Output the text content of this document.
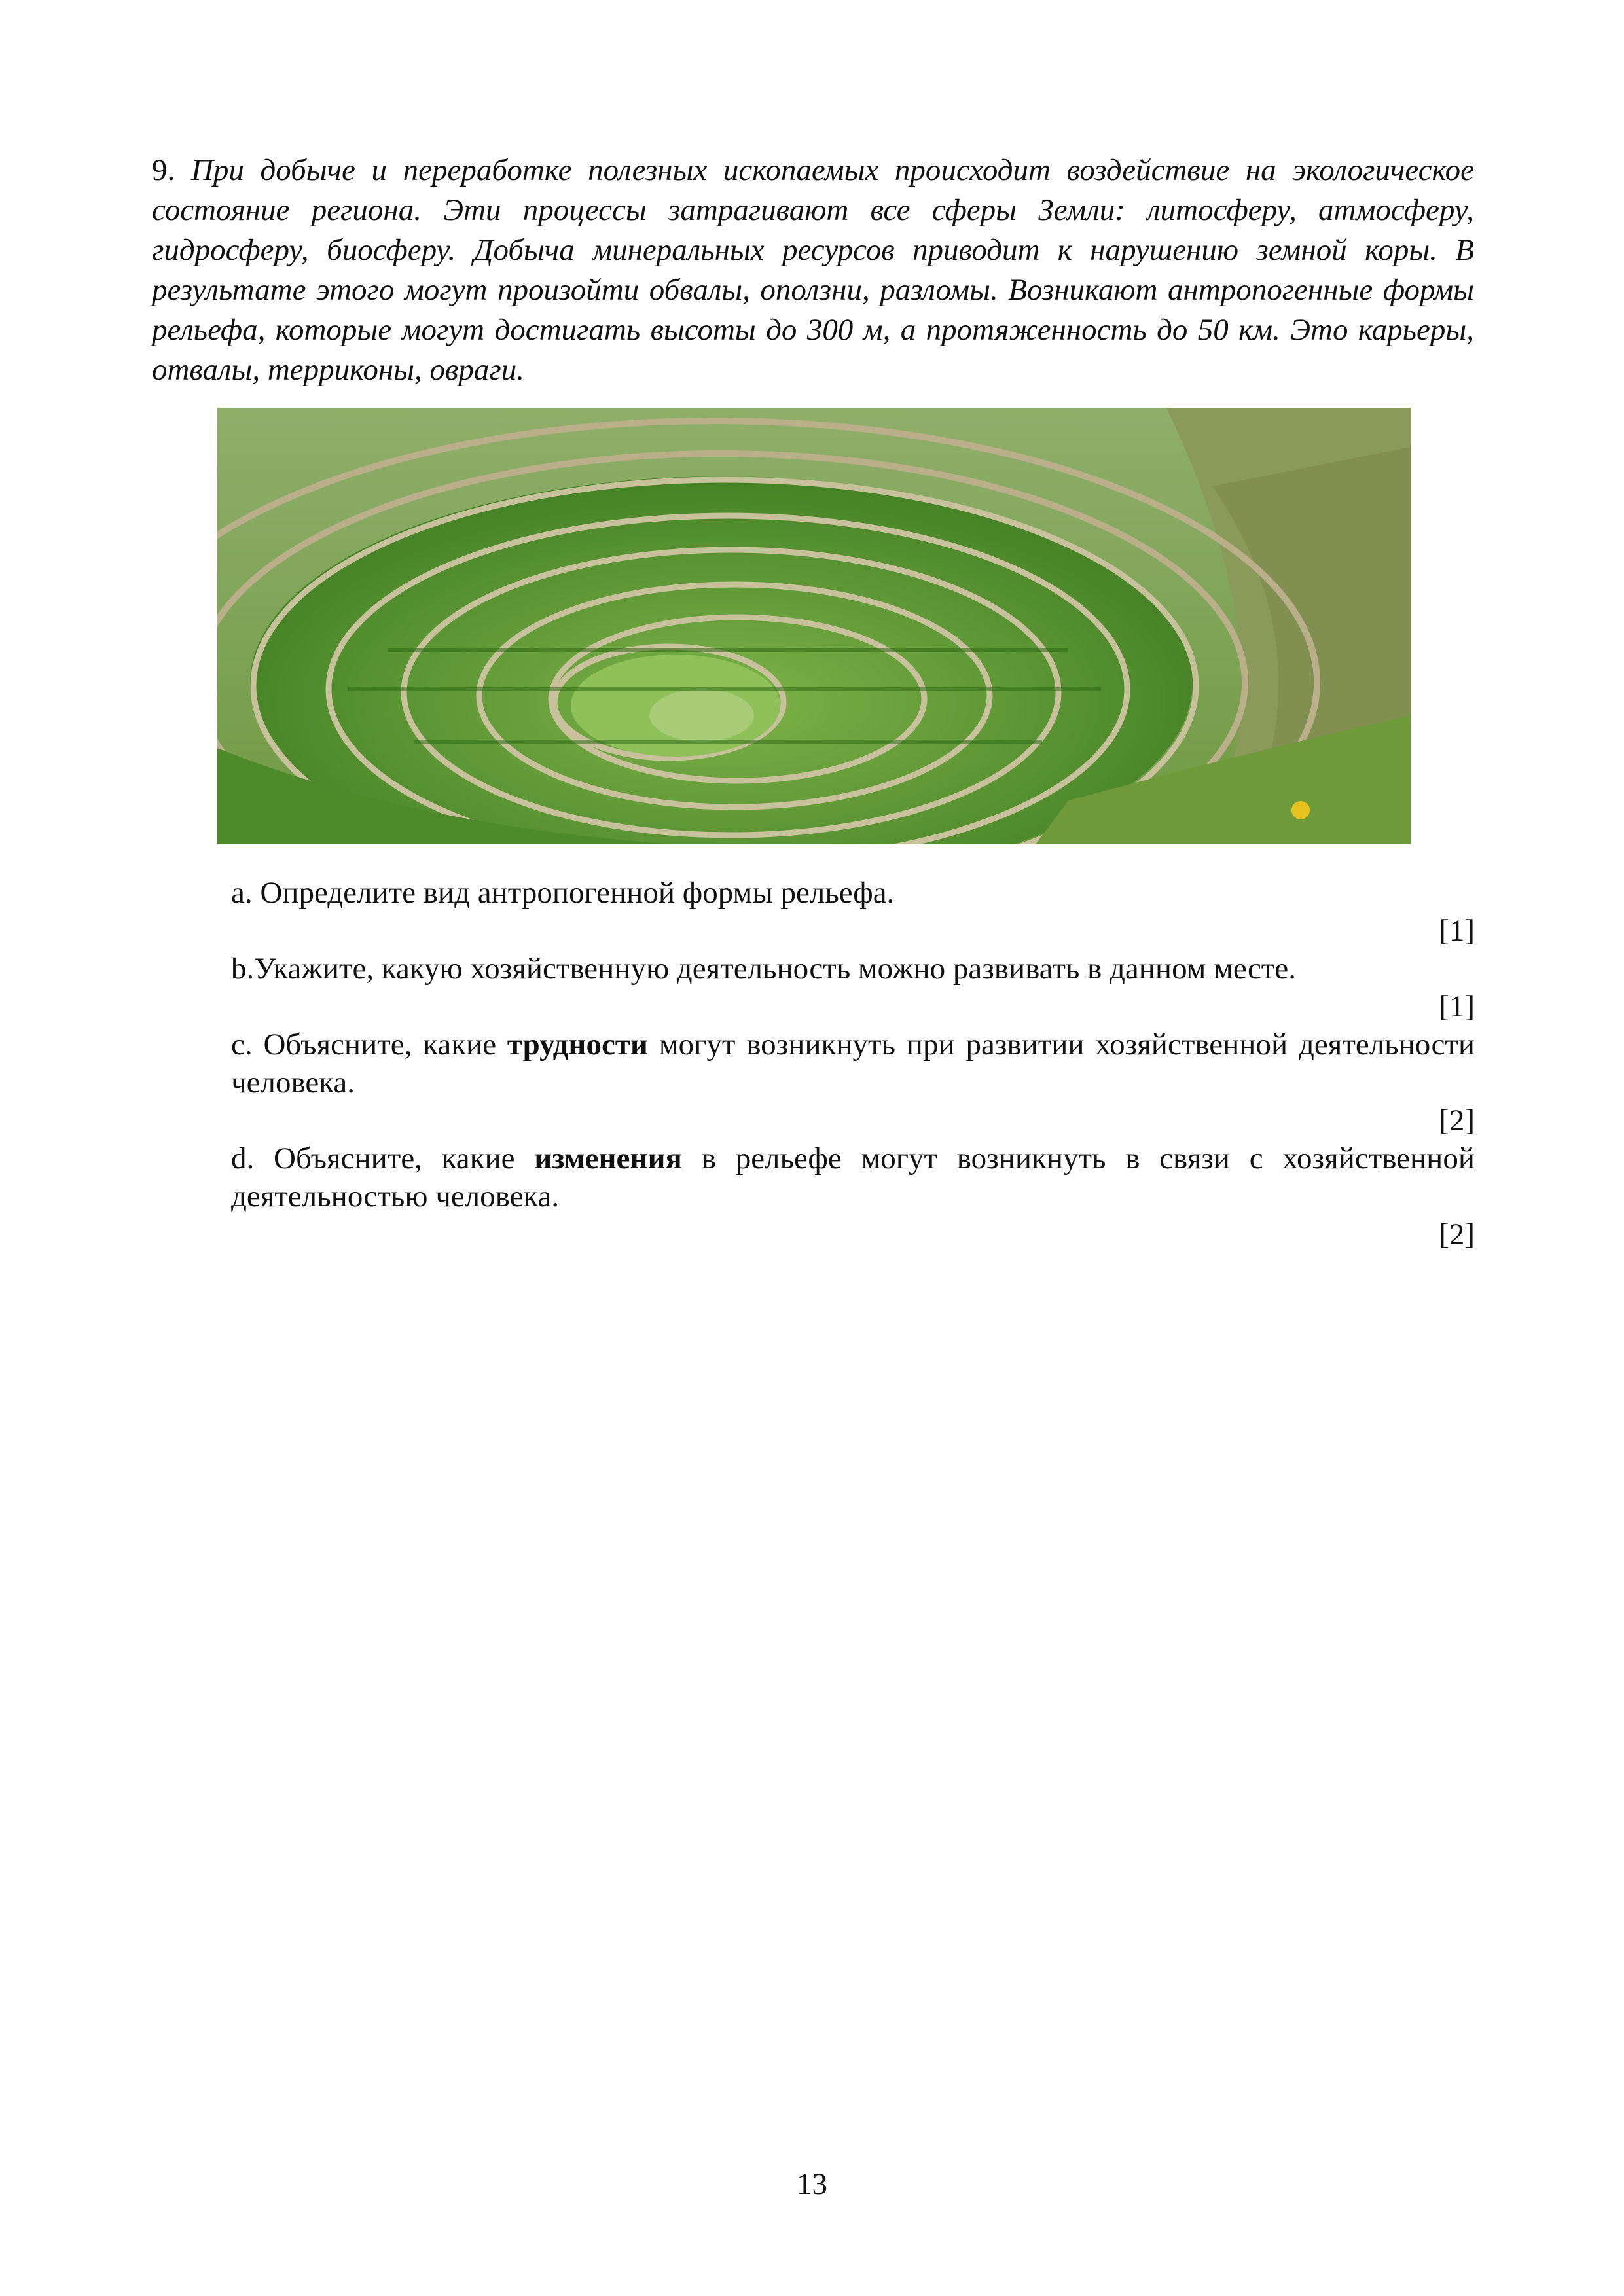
9. При добыче и переработке полезных ископаемых происходит воздействие на экологическое состояние региона. Эти процессы затрагивают все сферы Земли: литосферу, атмосферу, гидросферу, биосферу. Добыча минеральных ресурсов приводит к нарушению земной коры. В результате этого могут произойти обвалы, оползни, разломы. Возникают антропогенные формы рельефа, которые могут достигать высоты до 300 м, а протяженность до 50 км. Это карьеры, отвалы, терриконы, овраги.

a. Определите вид антропогенной формы рельефа.

[1]

b.Укажите, какую хозяйственную деятельность можно развивать в данном месте.

[1]

c. Объясните, какие трудности могут возникнуть при развитии хозяйственной деятельности человека.

[2]

d. Объясните, какие изменения в рельефе могут возникнуть в связи с хозяйственной деятельностью человека.

[2]

13
